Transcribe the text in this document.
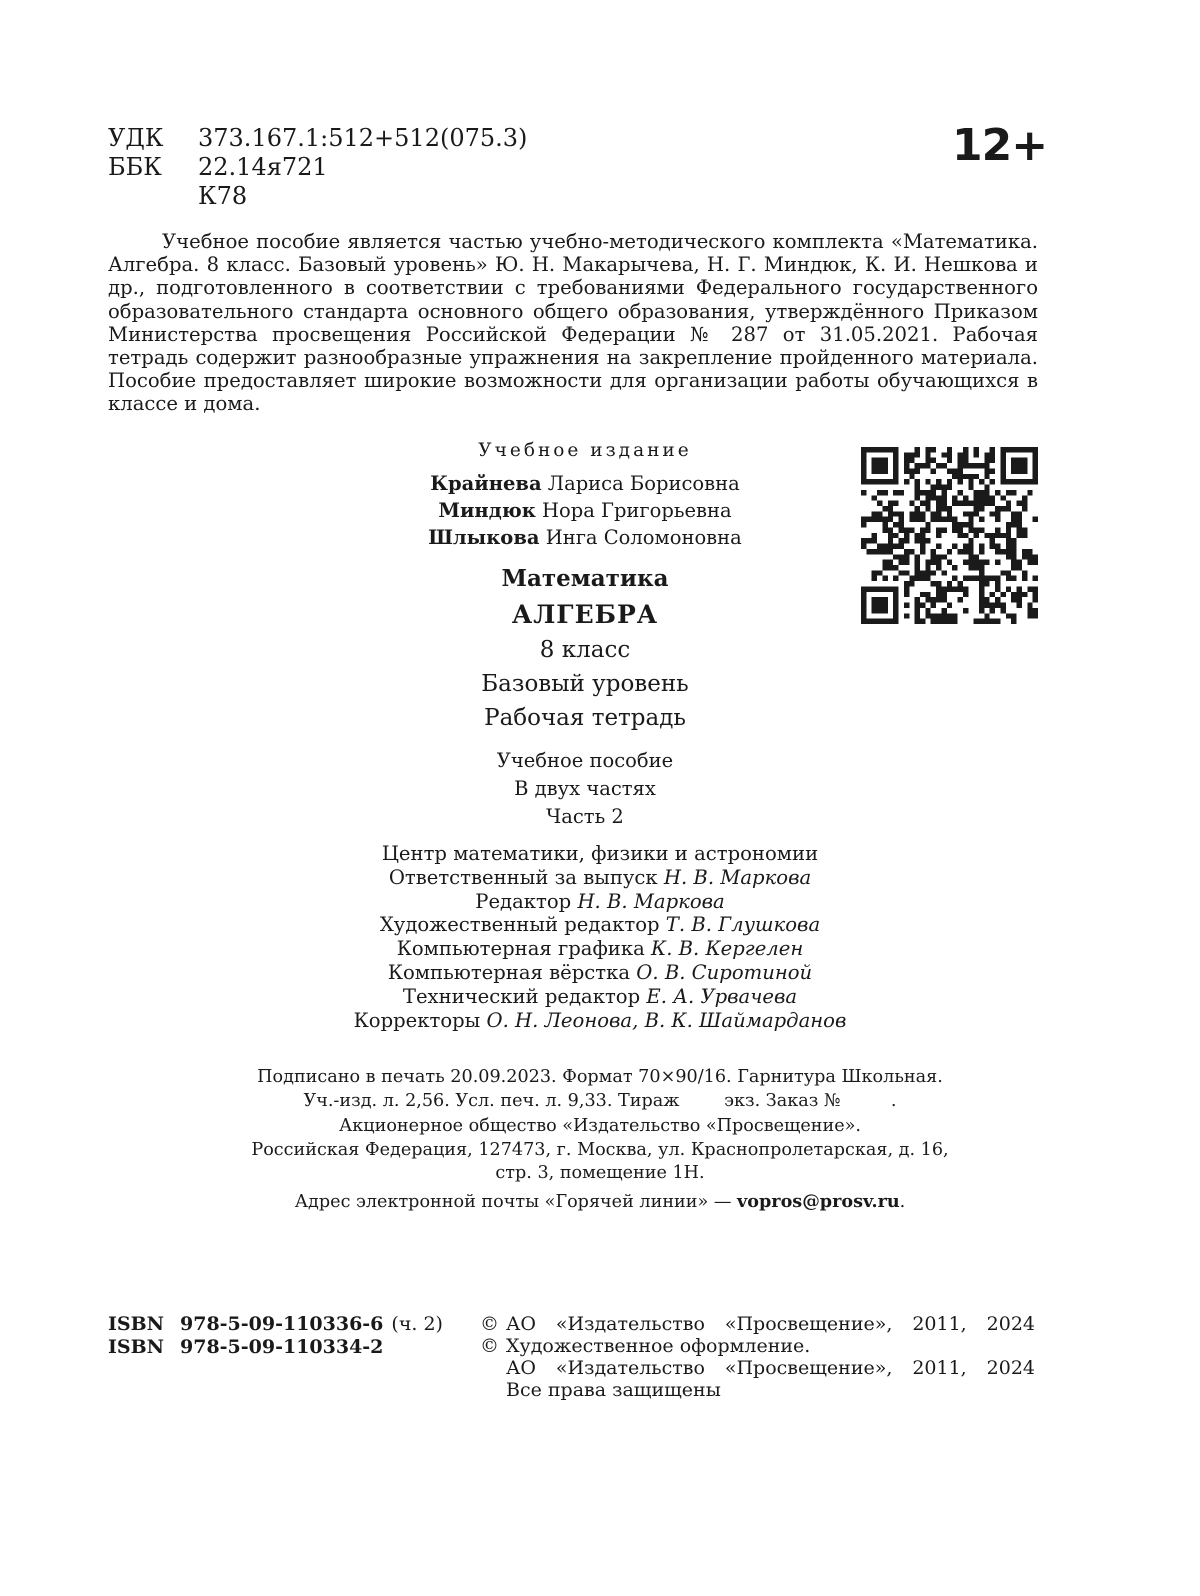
УДК	373.167.1:512+512(075.3)
ББК	22.14я721
К78
12+

Учебное пособие является частью учебно-методического комплекта «Математика. Алгебра. 8 класс. Базовый уровень» Ю. Н. Макарычева, Н. Г. Миндюк, К. И. Нешкова и др., подготовленного в соответствии с требованиями Федерального государственного образовательного стандарта основного общего образования, утверждённого Приказом Министерства просвещения Российской Федерации № 287 от 31.05.2021. Рабочая тетрадь содержит разнообразные упражнения на закрепление пройденного материала. Пособие предоставляет широкие возможности для организации работы обучающихся в классе и дома.

Учебное издание
Крайнева Лариса Борисовна
Миндюк Нора Григорьевна
Шлыкова Инга Соломоновна
Математика
АЛГЕБРА
8 класс
Базовый уровень
Рабочая тетрадь
Учебное пособие
В двух частях
Часть 2
Центр математики, физики и астрономии
Ответственный за выпуск Н. В. Маркова
Редактор Н. В. Маркова
Художественный редактор Т. В. Глушкова
Компьютерная графика К. В. Кергелен
Компьютерная вёрстка О. В. Сиротиной
Технический редактор Е. А. Урвачева
Корректоры О. Н. Леонова, В. К. Шаймарданов
Подписано в печать 20.09.2023. Формат 70×90/16. Гарнитура Школьная.
Уч.-изд. л. 2,56. Усл. печ. л. 9,33. Тираж        экз. Заказ №         .
Акционерное общество «Издательство «Просвещение».
Российская Федерация, 127473, г. Москва, ул. Краснопролетарская, д. 16,
стр. 3, помещение 1Н.
Адрес электронной почты «Горячей линии» — vopros@prosv.ru.
ISBN 978-5-09-110336-6 (ч. 2)
ISBN 978-5-09-110334-2
© АО «Издательство «Просвещение», 2011, 2024
© Художественное оформление.
АО «Издательство «Просвещение», 2011, 2024
Все права защищены
